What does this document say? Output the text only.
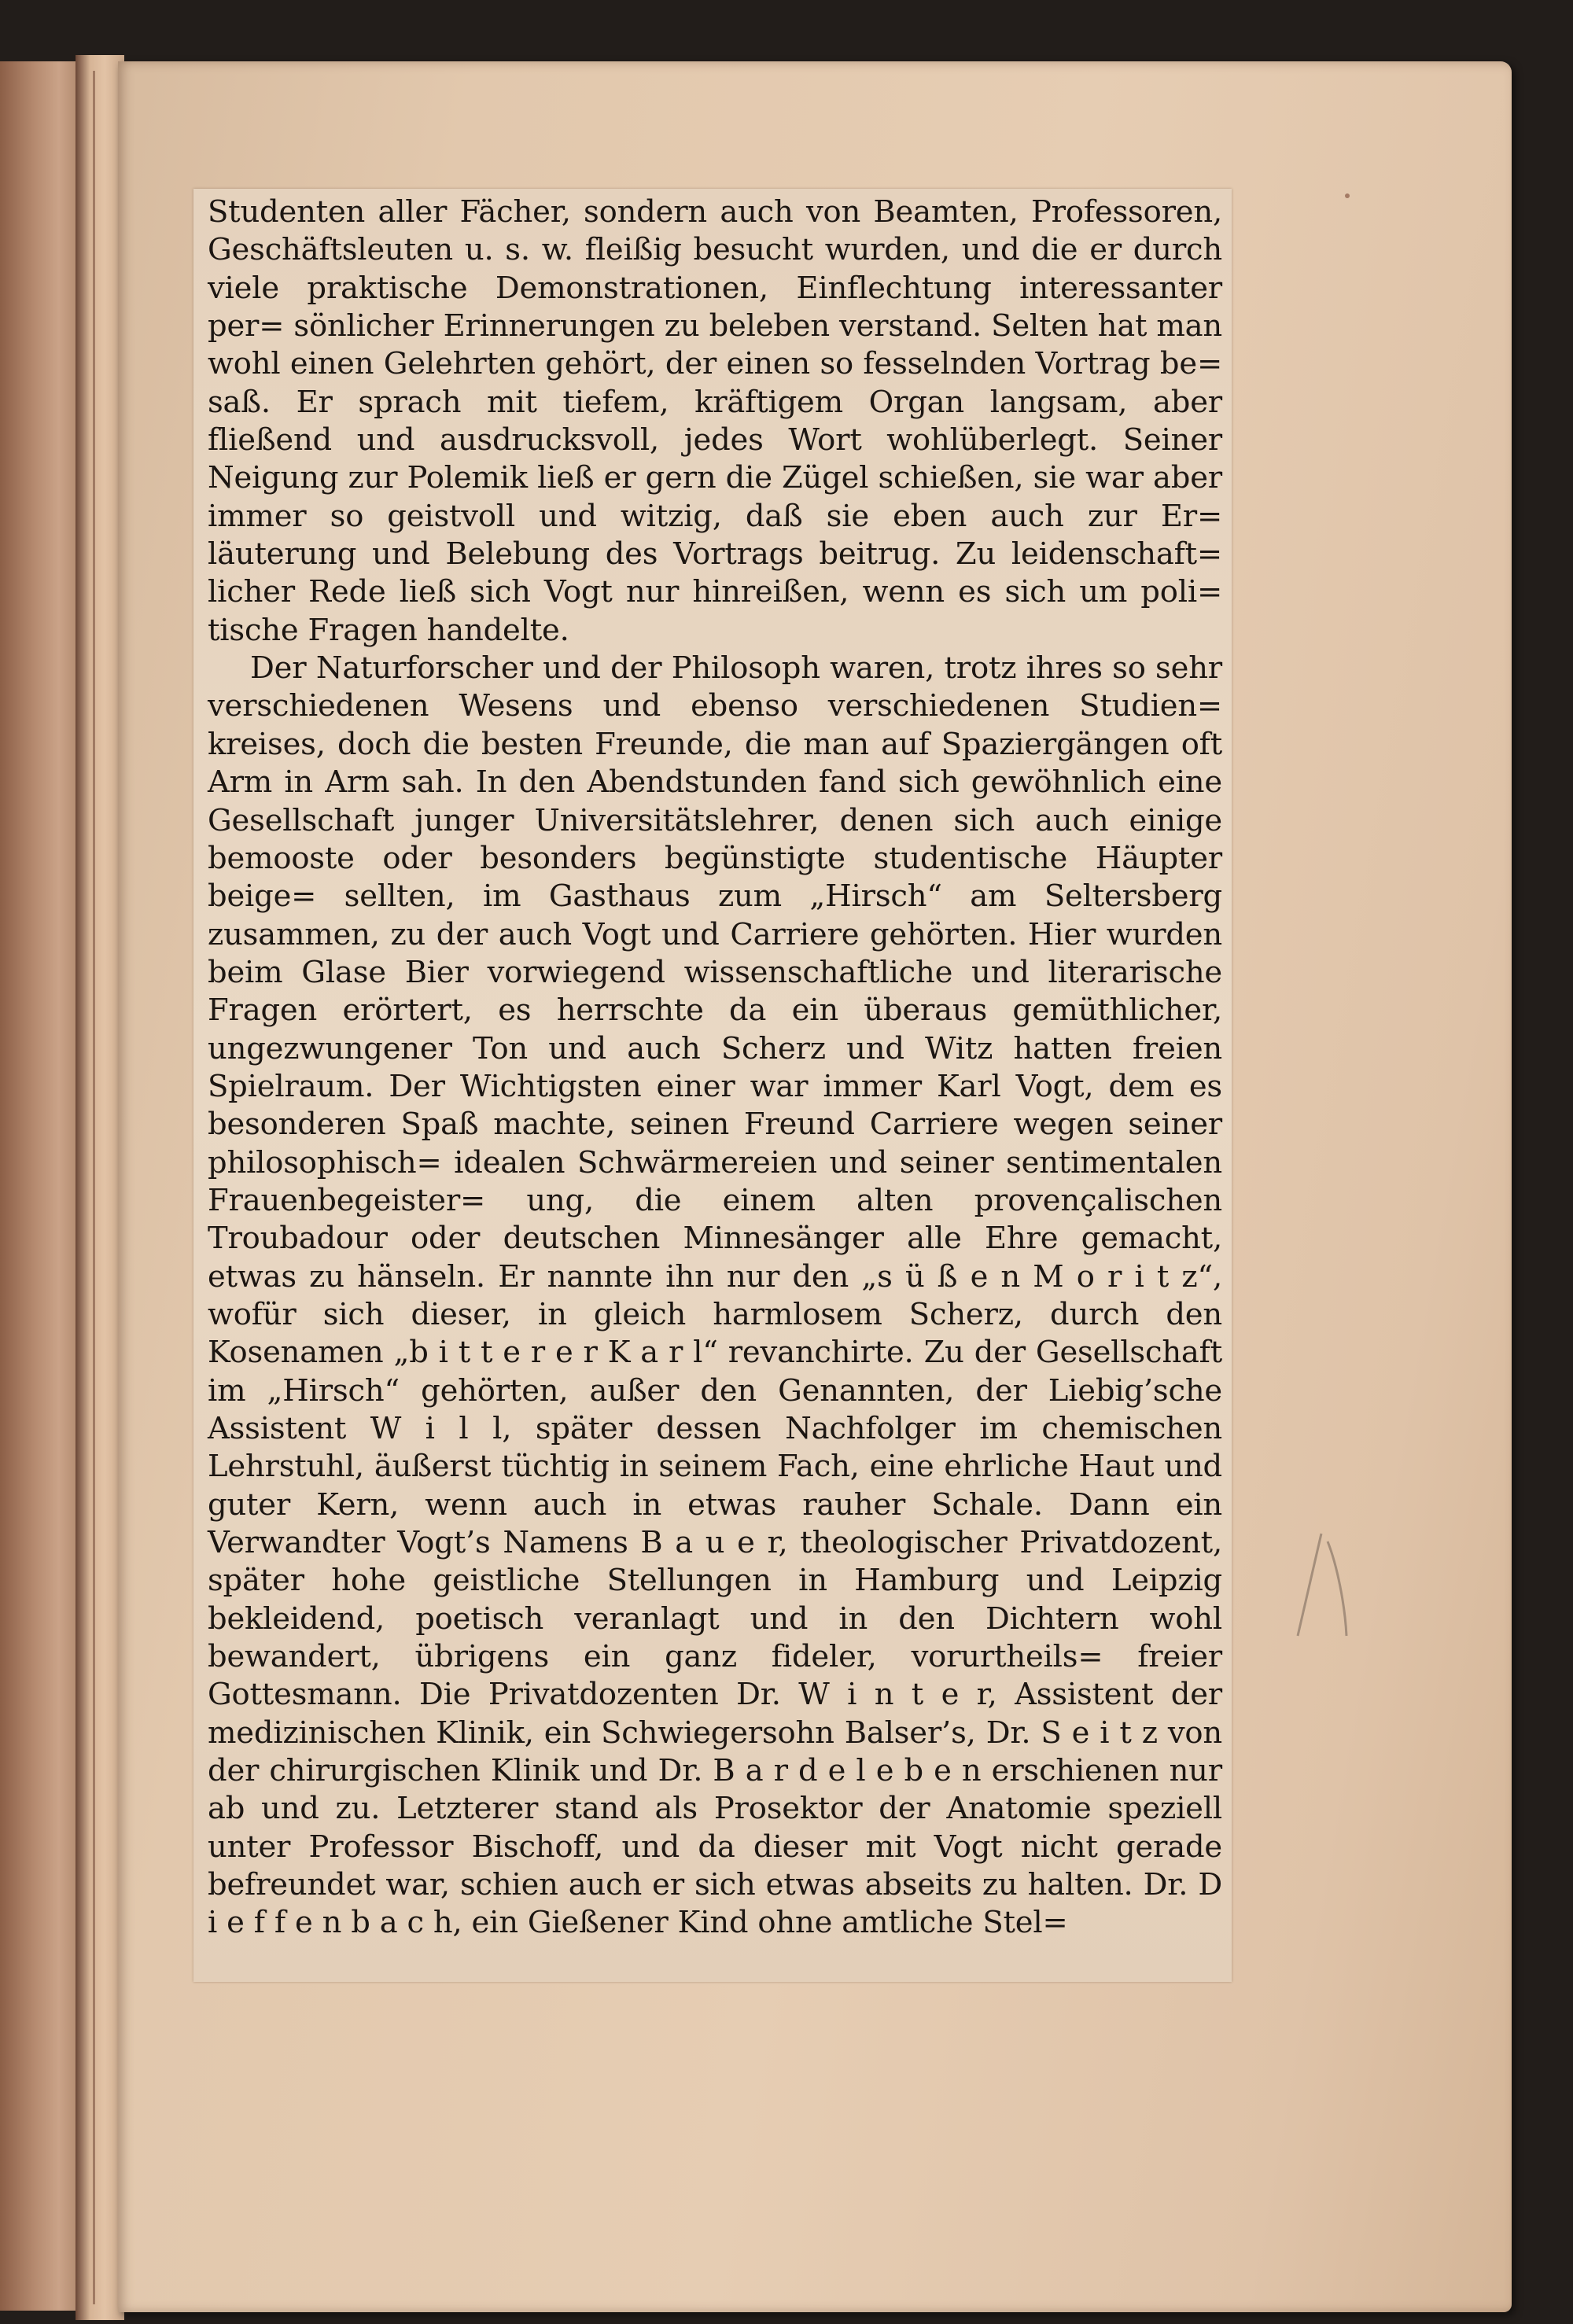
Studenten aller Fächer, sondern auch von Beamten, Professoren, Geschäftsleuten u. s. w. fleißig besucht wurden, und die er durch viele praktische Demonstrationen, Einflechtung interessanter per= sönlicher Erinnerungen zu beleben verstand. Selten hat man wohl einen Gelehrten gehört, der einen so fesselnden Vortrag be= saß. Er sprach mit tiefem, kräftigem Organ langsam, aber fließend und ausdrucksvoll, jedes Wort wohlüberlegt. Seiner Neigung zur Polemik ließ er gern die Zügel schießen, sie war aber immer so geistvoll und witzig, daß sie eben auch zur Er= läuterung und Belebung des Vortrags beitrug. Zu leidenschaft= licher Rede ließ sich Vogt nur hinreißen, wenn es sich um poli= tische Fragen handelte.

Der Naturforscher und der Philosoph waren, trotz ihres so sehr verschiedenen Wesens und ebenso verschiedenen Studien= kreises, doch die besten Freunde, die man auf Spaziergängen oft Arm in Arm sah. In den Abendstunden fand sich gewöhnlich eine Gesellschaft junger Universitätslehrer, denen sich auch einige bemooste oder besonders begünstigte studentische Häupter beige= sellten, im Gasthaus zum „Hirsch“ am Seltersberg zusammen, zu der auch Vogt und Carriere gehörten. Hier wurden beim Glase Bier vorwiegend wissenschaftliche und literarische Fragen erörtert, es herrschte da ein überaus gemüthlicher, ungezwungener Ton und auch Scherz und Witz hatten freien Spielraum. Der Wichtigsten einer war immer Karl Vogt, dem es besonderen Spaß machte, seinen Freund Carriere wegen seiner philosophisch= idealen Schwärmereien und seiner sentimentalen Frauenbegeister= ung, die einem alten provençalischen Troubadour oder deutschen Minnesänger alle Ehre gemacht, etwas zu hänseln. Er nannte ihn nur den „s ü ß e n M o r i t z“, wofür sich dieser, in gleich harmlosem Scherz, durch den Kosenamen „b i t t e r e r K a r l“ revanchirte. Zu der Gesellschaft im „Hirsch“ gehörten, außer den Genannten, der Liebig’sche Assistent W i l l, später dessen Nachfolger im chemischen Lehrstuhl, äußerst tüchtig in seinem Fach, eine ehrliche Haut und guter Kern, wenn auch in etwas rauher Schale. Dann ein Verwandter Vogt’s Namens B a u e r, theologischer Privatdozent, später hohe geistliche Stellungen in Hamburg und Leipzig bekleidend, poetisch veranlagt und in den Dichtern wohl bewandert, übrigens ein ganz fideler, vorurtheils= freier Gottesmann. Die Privatdozenten Dr. W i n t e r, Assistent der medizinischen Klinik, ein Schwiegersohn Balser’s, Dr. S e i t z von der chirurgischen Klinik und Dr. B a r d e l e b e n erschienen nur ab und zu. Letzterer stand als Prosektor der Anatomie speziell unter Professor Bischoff, und da dieser mit Vogt nicht gerade befreundet war, schien auch er sich etwas abseits zu halten. Dr. D i e f f e n b a c h, ein Gießener Kind ohne amtliche Stel=
